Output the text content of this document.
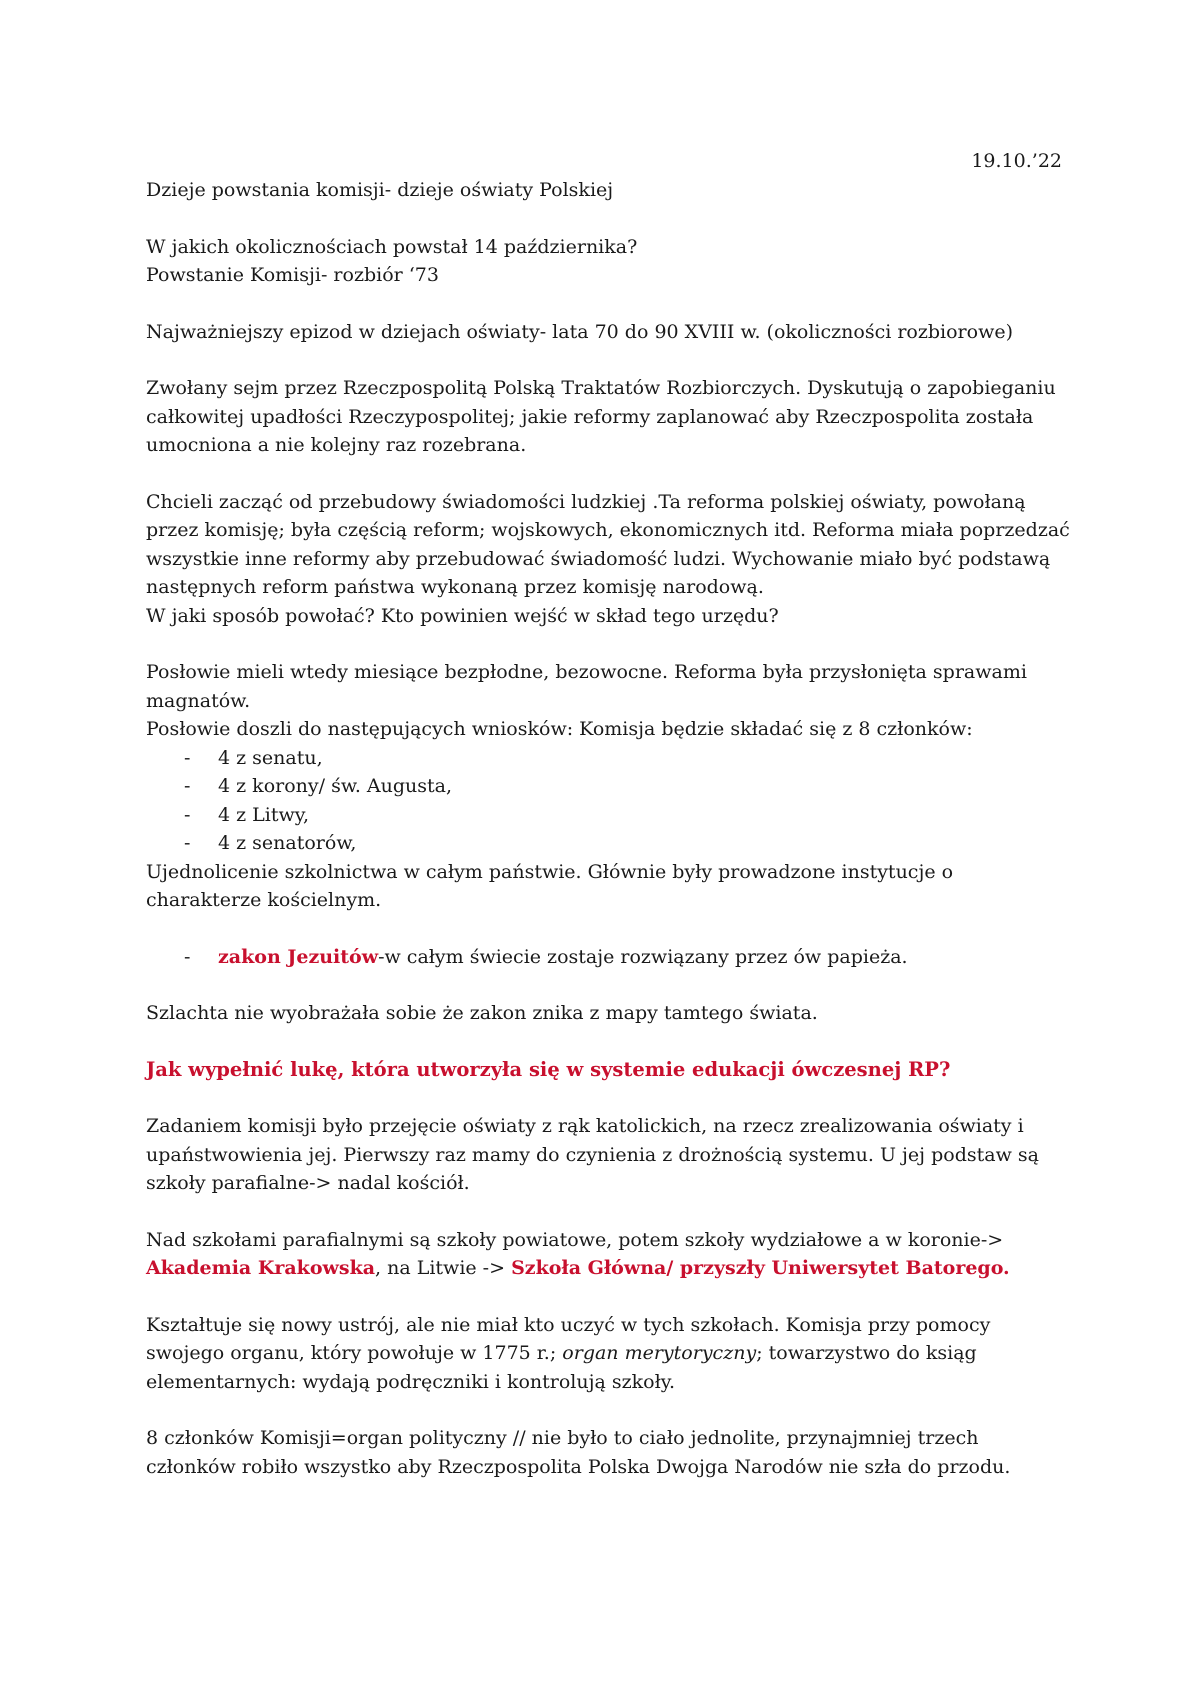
19.10.’22

Dzieje powstania komisji- dzieje oświaty Polskiej

W jakich okolicznościach powstał 14 października?

Powstanie Komisji- rozbiór ‘73

Najważniejszy epizod w dziejach oświaty- lata 70 do 90 XVIII w. (okoliczności rozbiorowe)

Zwołany sejm przez Rzeczpospolitą Polską Traktatów Rozbiorczych. Dyskutują o zapobieganiu całkowitej upadłości Rzeczypospolitej; jakie reformy zaplanować aby Rzeczpospolita została umocniona a nie kolejny raz rozebrana.

Chcieli zacząć od przebudowy świadomości ludzkiej .Ta reforma polskiej oświaty, powołaną przez komisję; była częścią reform; wojskowych, ekonomicznych itd. Reforma miała poprzedzać wszystkie inne reformy aby przebudować świadomość ludzi. Wychowanie miało być podstawą następnych reform państwa wykonaną przez komisję narodową.

W jaki sposób powołać? Kto powinien wejść w skład tego urzędu?

Posłowie mieli wtedy miesiące bezpłodne, bezowocne. Reforma była przysłonięta sprawami magnatów.

Posłowie doszli do następujących wniosków: Komisja będzie składać się z 8 członków:

- 4 z senatu,
- 4 z korony/ św. Augusta,
- 4 z Litwy,
- 4 z senatorów,

Ujednolicenie szkolnictwa w całym państwie. Głównie były prowadzone instytucje o charakterze kościelnym.

- zakon Jezuitów-w całym świecie zostaje rozwiązany przez ów papieża.

Szlachta nie wyobrażała sobie że zakon znika z mapy tamtego świata.

Jak wypełnić lukę, która utworzyła się w systemie edukacji ówczesnej RP?

Zadaniem komisji było przejęcie oświaty z rąk katolickich, na rzecz zrealizowania oświaty i upaństwowienia jej. Pierwszy raz mamy do czynienia z drożnością systemu. U jej podstaw są szkoły parafialne-> nadal kościół.

Nad szkołami parafialnymi są szkoły powiatowe, potem szkoły wydziałowe a w koronie-> Akademia Krakowska, na Litwie -> Szkoła Główna/ przyszły Uniwersytet Batorego.

Kształtuje się nowy ustrój, ale nie miał kto uczyć w tych szkołach. Komisja przy pomocy swojego organu, który powołuje w 1775 r.; organ merytoryczny; towarzystwo do ksiąg elementarnych: wydają podręczniki i kontrolują szkoły.

8 członków Komisji=organ polityczny // nie było to ciało jednolite, przynajmniej trzech członków robiło wszystko aby Rzeczpospolita Polska Dwojga Narodów nie szła do przodu.
